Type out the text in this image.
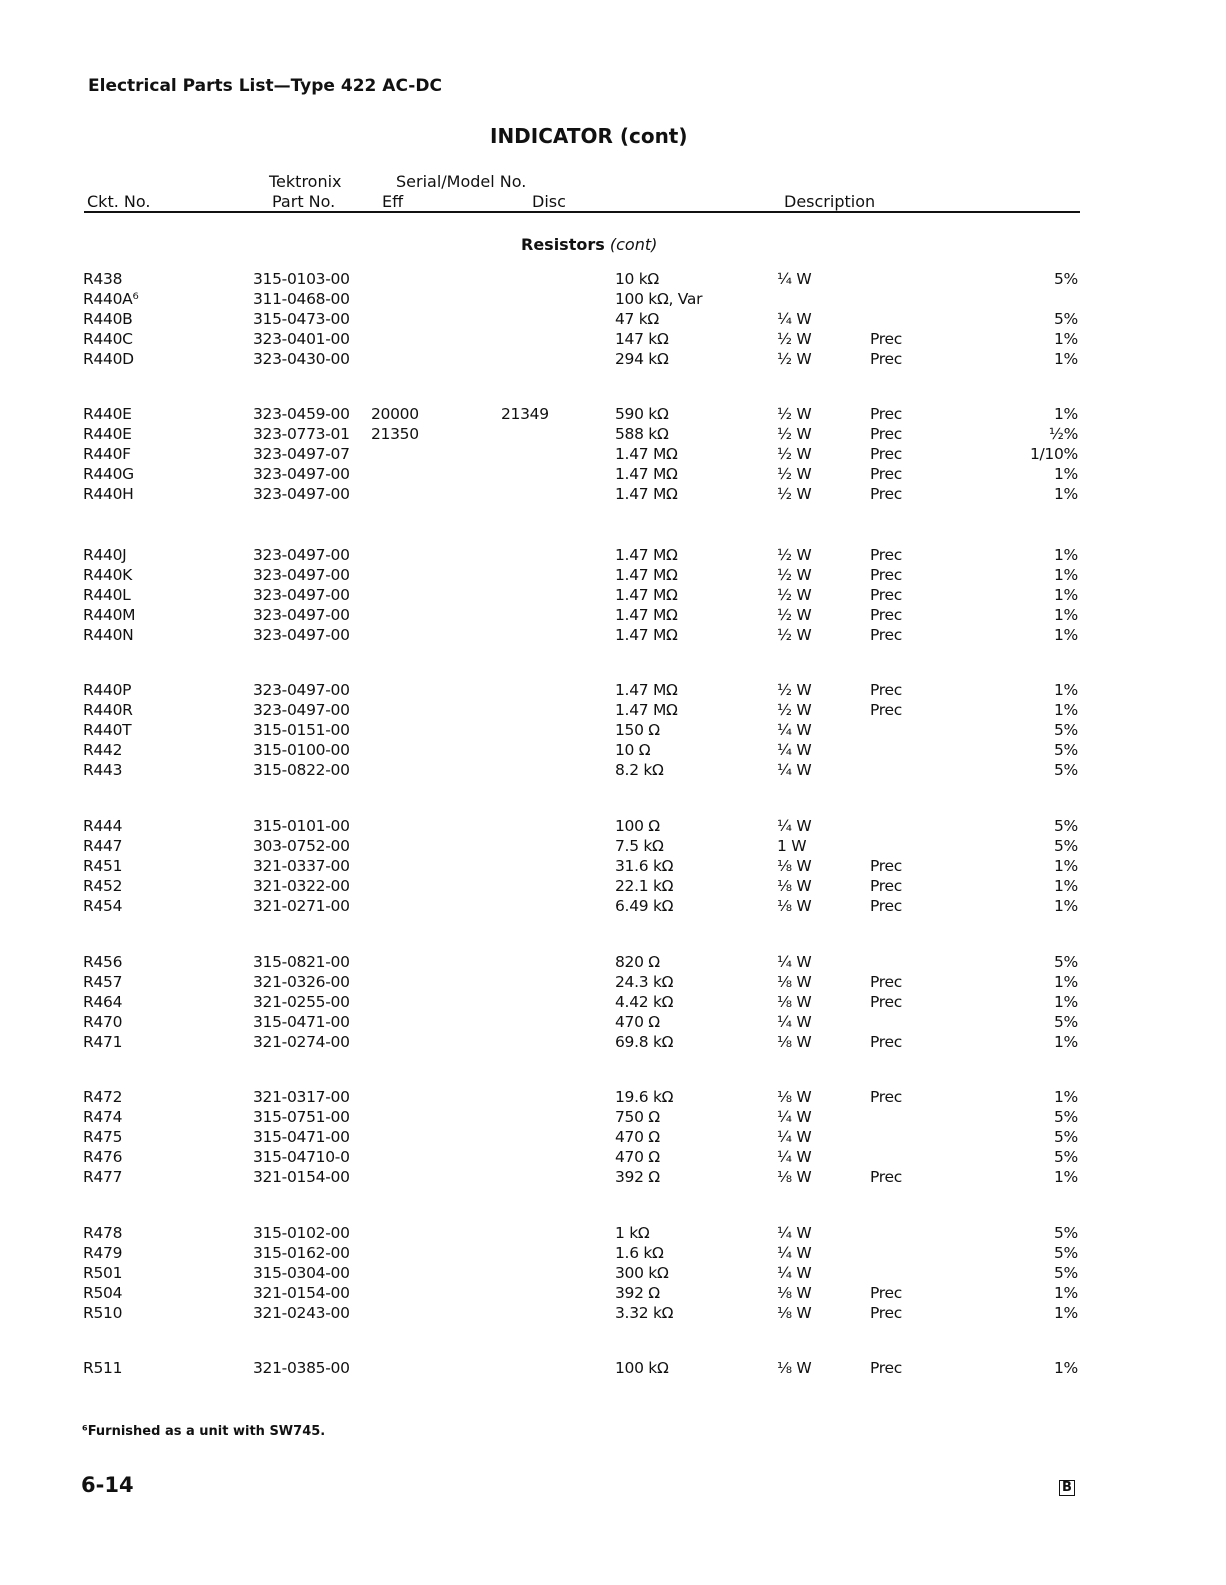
Electrical Parts List—Type 422 AC-DC
INDICATOR (cont)
Tektronix	Serial/Model No.
Ckt. No.	Part No.	Eff	Disc	Description
Resistors (cont)
R438	315-0103-00	10 kΩ	¼ W	5%
R440A⁶	311-0468-00	100 kΩ, Var
R440B	315-0473-00	47 kΩ	¼ W	5%
R440C	323-0401-00	147 kΩ	½ W	Prec	1%
R440D	323-0430-00	294 kΩ	½ W	Prec	1%
R440E	323-0459-00 20000	21349	590 kΩ	½ W	Prec	1%
R440E	323-0773-01 21350	588 kΩ	½ W	Prec	½%
R440F	323-0497-07	1.47 MΩ	½ W	Prec	1/10%
R440G	323-0497-00	1.47 MΩ	½ W	Prec	1%
R440H	323-0497-00	1.47 MΩ	½ W	Prec	1%
R440J	323-0497-00	1.47 MΩ	½ W	Prec	1%
R440K	323-0497-00	1.47 MΩ	½ W	Prec	1%
R440L	323-0497-00	1.47 MΩ	½ W	Prec	1%
R440M	323-0497-00	1.47 MΩ	½ W	Prec	1%
R440N	323-0497-00	1.47 MΩ	½ W	Prec	1%
R440P	323-0497-00	1.47 MΩ	½ W	Prec	1%
R440R	323-0497-00	1.47 MΩ	½ W	Prec	1%
R440T	315-0151-00	150 Ω	¼ W	5%
R442	315-0100-00	10 Ω	¼ W	5%
R443	315-0822-00	8.2 kΩ	¼ W	5%
R444	315-0101-00	100 Ω	¼ W	5%
R447	303-0752-00	7.5 kΩ	1 W	5%
R451	321-0337-00	31.6 kΩ	⅛ W	Prec	1%
R452	321-0322-00	22.1 kΩ	⅛ W	Prec	1%
R454	321-0271-00	6.49 kΩ	⅛ W	Prec	1%
R456	315-0821-00	820 Ω	¼ W	5%
R457	321-0326-00	24.3 kΩ	⅛ W	Prec	1%
R464	321-0255-00	4.42 kΩ	⅛ W	Prec	1%
R470	315-0471-00	470 Ω	¼ W	5%
R471	321-0274-00	69.8 kΩ	⅛ W	Prec	1%
R472	321-0317-00	19.6 kΩ	⅛ W	Prec	1%
R474	315-0751-00	750 Ω	¼ W	5%
R475	315-0471-00	470 Ω	¼ W	5%
R476	315-04710-0	470 Ω	¼ W	5%
R477	321-0154-00	392 Ω	⅛ W	Prec	1%
R478	315-0102-00	1 kΩ	¼ W	5%
R479	315-0162-00	1.6 kΩ	¼ W	5%
R501	315-0304-00	300 kΩ	¼ W	5%
R504	321-0154-00	392 Ω	⅛ W	Prec	1%
R510	321-0243-00	3.32 kΩ	⅛ W	Prec	1%
R511	321-0385-00	100 kΩ	⅛ W	Prec	1%
⁶Furnished as a unit with SW745.
6-14	B
